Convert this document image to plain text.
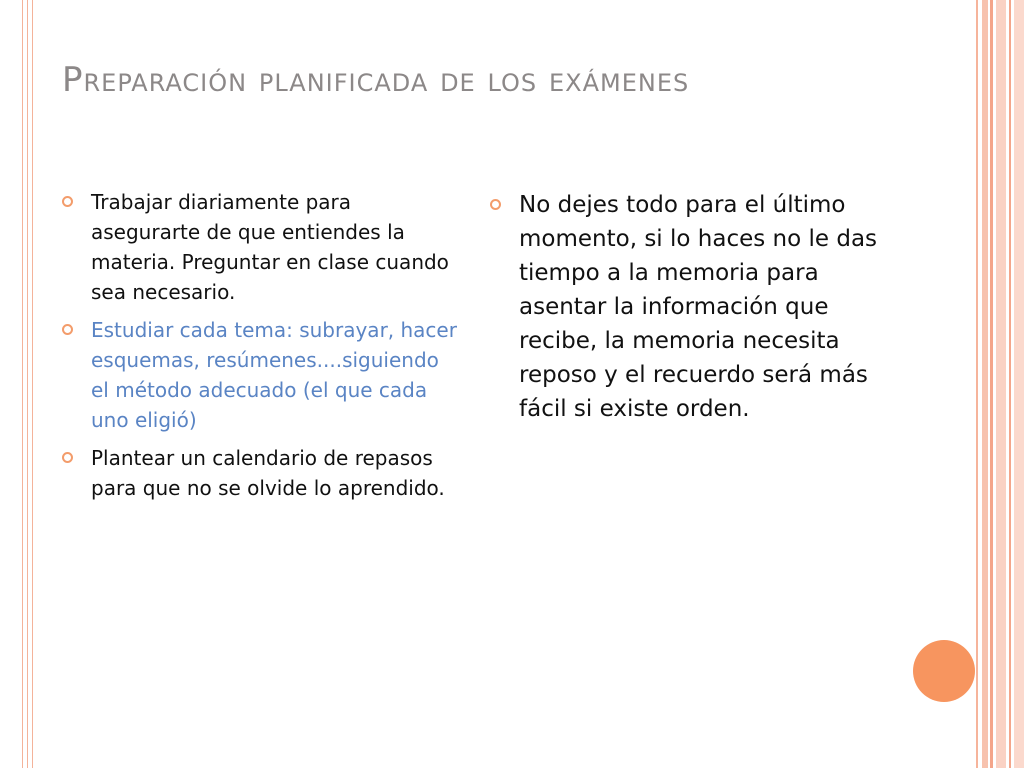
Preparación planificada de los exámenes
Trabajar diariamente para asegurarte de que entiendes la materia. Preguntar en clase cuando sea necesario.
Estudiar cada tema: subrayar, hacer esquemas, resúmenes....siguiendo el método adecuado (el que cada uno eligió)
Plantear un calendario de repasos para que no se olvide lo aprendido.
No dejes todo para el último momento, si lo haces no le das tiempo a la memoria para asentar la información que recibe, la memoria necesita reposo y el recuerdo será más fácil si existe orden.
